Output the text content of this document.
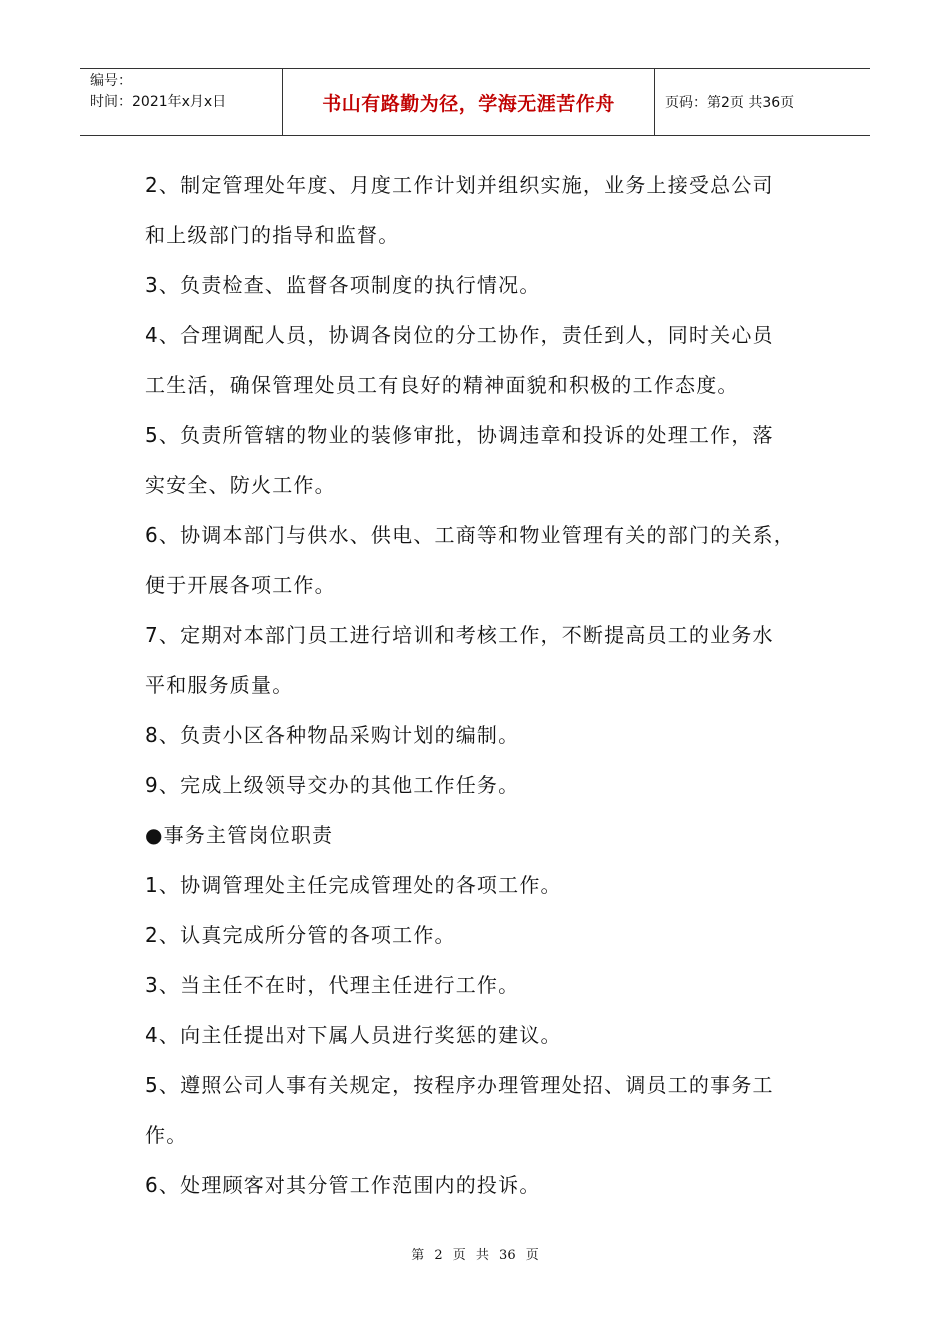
编号：
时间：2021年x月x日	书山有路勤为径，学海无涯苦作舟	页码：第2页 共36页

2、制定管理处年度、月度工作计划并组织实施，业务上接受总公司

和上级部门的指导和监督。

3、负责检查、监督各项制度的执行情况。

4、合理调配人员，协调各岗位的分工协作，责任到人，同时关心员

工生活，确保管理处员工有良好的精神面貌和积极的工作态度。

5、负责所管辖的物业的装修审批，协调违章和投诉的处理工作，落

实安全、防火工作。

6、协调本部门与供水、供电、工商等和物业管理有关的部门的关系，

便于开展各项工作。

7、定期对本部门员工进行培训和考核工作，不断提高员工的业务水

平和服务质量。

8、负责小区各种物品采购计划的编制。

9、完成上级领导交办的其他工作任务。

●事务主管岗位职责

1、协调管理处主任完成管理处的各项工作。

2、认真完成所分管的各项工作。

3、当主任不在时，代理主任进行工作。

4、向主任提出对下属人员进行奖惩的建议。

5、遵照公司人事有关规定，按程序办理管理处招、调员工的事务工

作。

6、处理顾客对其分管工作范围内的投诉。

第 2 页 共 36 页
